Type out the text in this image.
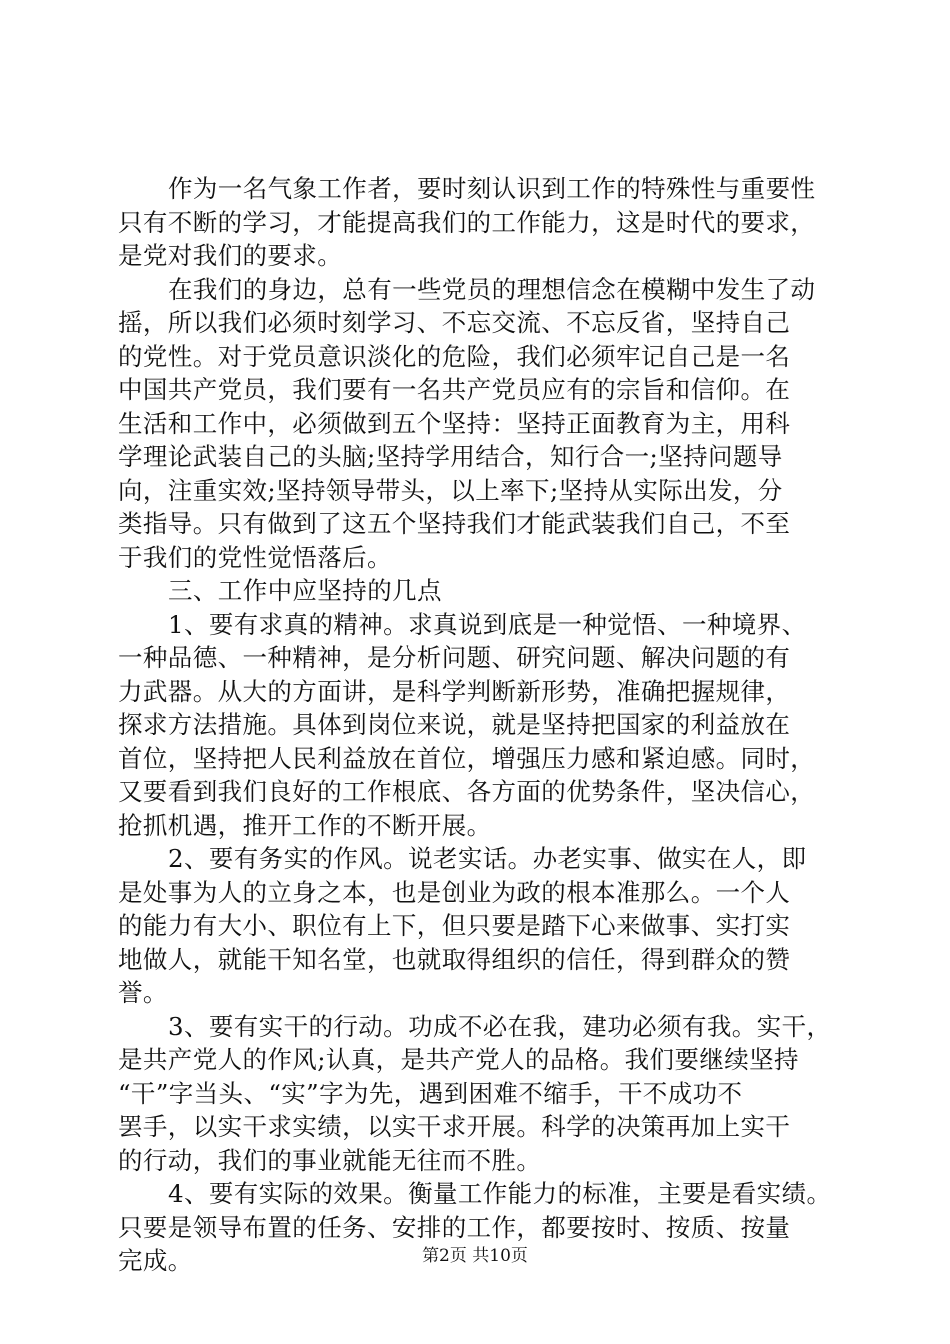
作为一名气象工作者，要时刻认识到工作的特殊性与重要性
只有不断的学习，才能提高我们的工作能力，这是时代的要求，
是党对我们的要求。
在我们的身边，总有一些党员的理想信念在模糊中发生了动
摇，所以我们必须时刻学习、不忘交流、不忘反省，坚持自己
的党性。对于党员意识淡化的危险，我们必须牢记自己是一名
中国共产党员，我们要有一名共产党员应有的宗旨和信仰。在
生活和工作中，必须做到五个坚持：坚持正面教育为主，用科
学理论武装自己的头脑;坚持学用结合，知行合一;坚持问题导
向，注重实效;坚持领导带头，以上率下;坚持从实际出发，分
类指导。只有做到了这五个坚持我们才能武装我们自己，不至
于我们的党性觉悟落后。
三、工作中应坚持的几点
1、要有求真的精神。求真说到底是一种觉悟、一种境界、
一种品德、一种精神，是分析问题、研究问题、解决问题的有
力武器。从大的方面讲，是科学判断新形势，准确把握规律，
探求方法措施。具体到岗位来说，就是坚持把国家的利益放在
首位，坚持把人民利益放在首位，增强压力感和紧迫感。同时，
又要看到我们良好的工作根底、各方面的优势条件，坚决信心，
抢抓机遇，推开工作的不断开展。
2、要有务实的作风。说老实话。办老实事、做实在人，即
是处事为人的立身之本，也是创业为政的根本准那么。一个人
的能力有大小、职位有上下，但只要是踏下心来做事、实打实
地做人，就能干知名堂，也就取得组织的信任，得到群众的赞
誉。
3、要有实干的行动。功成不必在我，建功必须有我。实干，
是共产党人的作风;认真，是共产党人的品格。我们要继续坚持
“干”字当头、“实”字为先，遇到困难不缩手，干不成功不
罢手，以实干求实绩，以实干求开展。科学的决策再加上实干
的行动，我们的事业就能无往而不胜。
4、要有实际的效果。衡量工作能力的标准，主要是看实绩。
只要是领导布置的任务、安排的工作，都要按时、按质、按量
完成。	第2页 共10页
